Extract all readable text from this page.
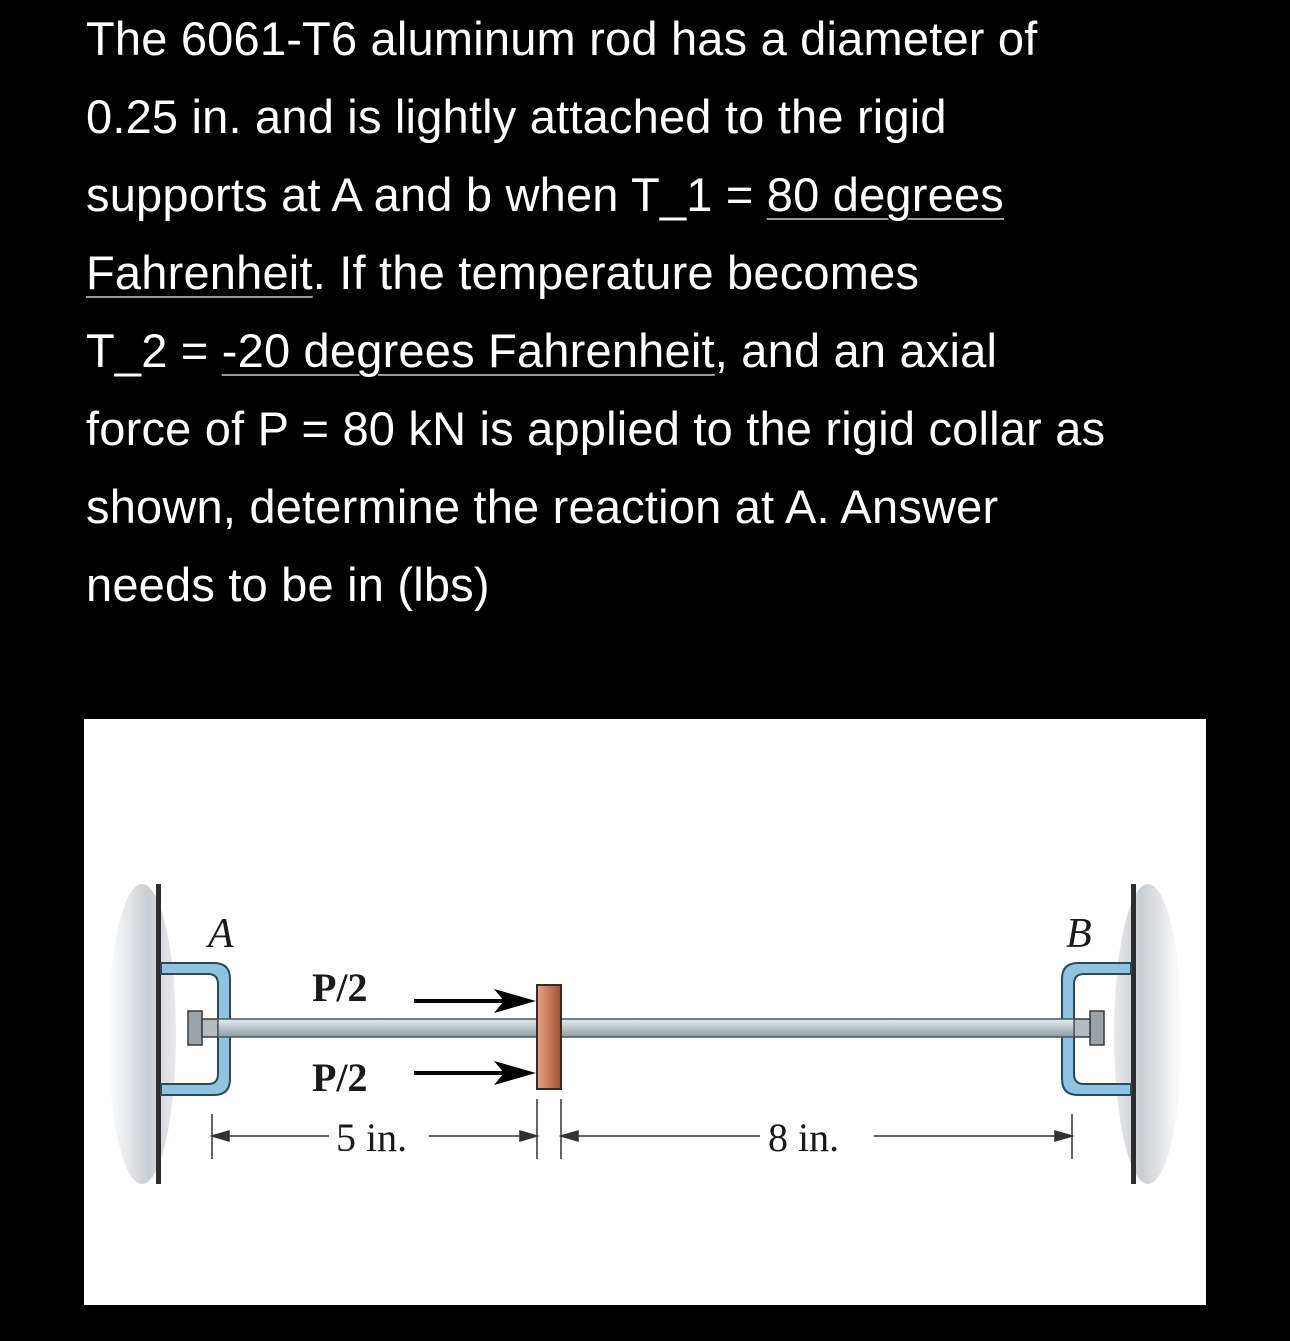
The 6061-T6 aluminum rod has a diameter of
0.25 in. and is lightly attached to the rigid
supports at A and b when T_1 = 80 degrees
Fahrenheit. If the temperature becomes
T_2 = -20 degrees Fahrenheit, and an axial
force of P = 80 kN is applied to the rigid collar as
shown, determine the reaction at A. Answer
needs to be in (lbs)
A	B
P/2
P/2
5 in.	8 in.
